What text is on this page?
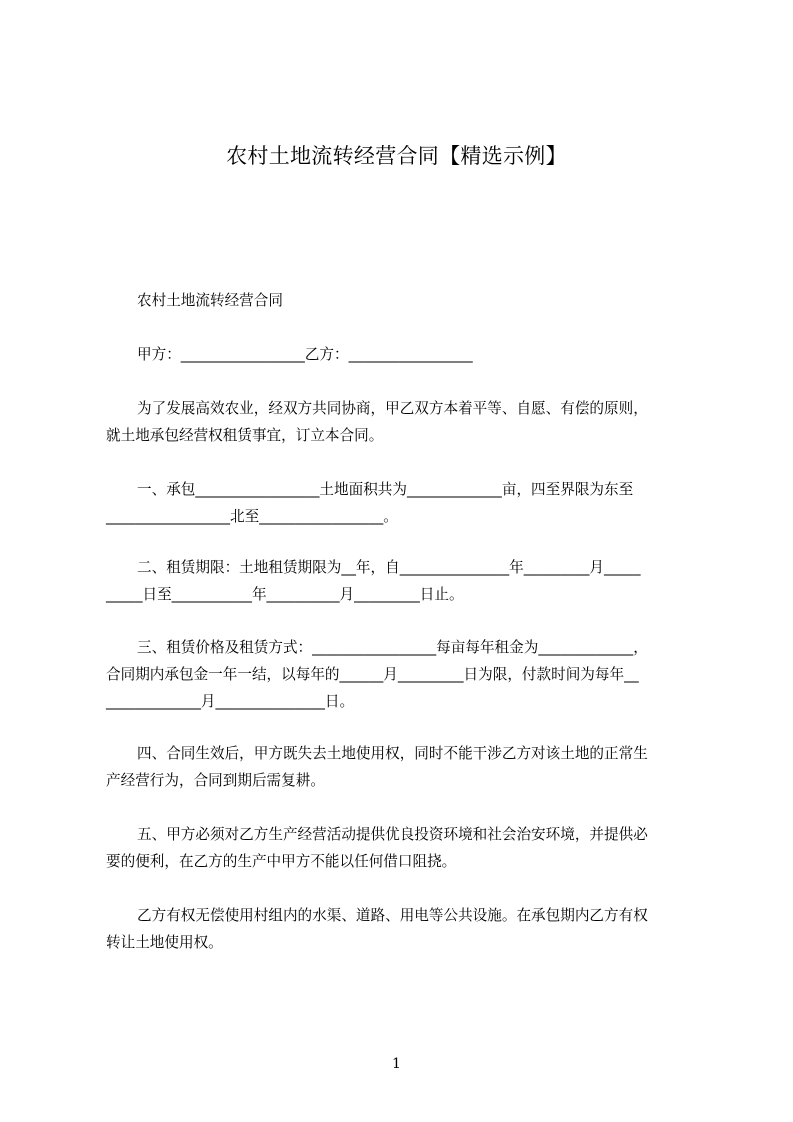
农村土地流转经营合同【精选示例】

农村土地流转经营合同

甲方：_________________乙方：_________________

为了发展高效农业，经双方共同协商，甲乙双方本着平等、自愿、有偿的原则，
就土地承包经营权租赁事宜，订立本合同。

一、承包_________________土地面积共为_____________亩，四至界限为东至
_________________北至_________________。

二、租赁期限：土地租赁期限为__年，自_______________年_________月_____
_____日至___________年__________月_________日止。

三、租赁价格及租赁方式：_________________每亩每年租金为_____________，
合同期内承包金一年一结，以每年的______月_________日为限，付款时间为每年__
_____________月_______________日。

四、合同生效后，甲方既失去土地使用权，同时不能干涉乙方对该土地的正常生
产经营行为，合同到期后需复耕。

五、甲方必须对乙方生产经营活动提供优良投资环境和社会治安环境，并提供必
要的便利，在乙方的生产中甲方不能以任何借口阻挠。

乙方有权无偿使用村组内的水渠、道路、用电等公共设施。在承包期内乙方有权
转让土地使用权。

1
